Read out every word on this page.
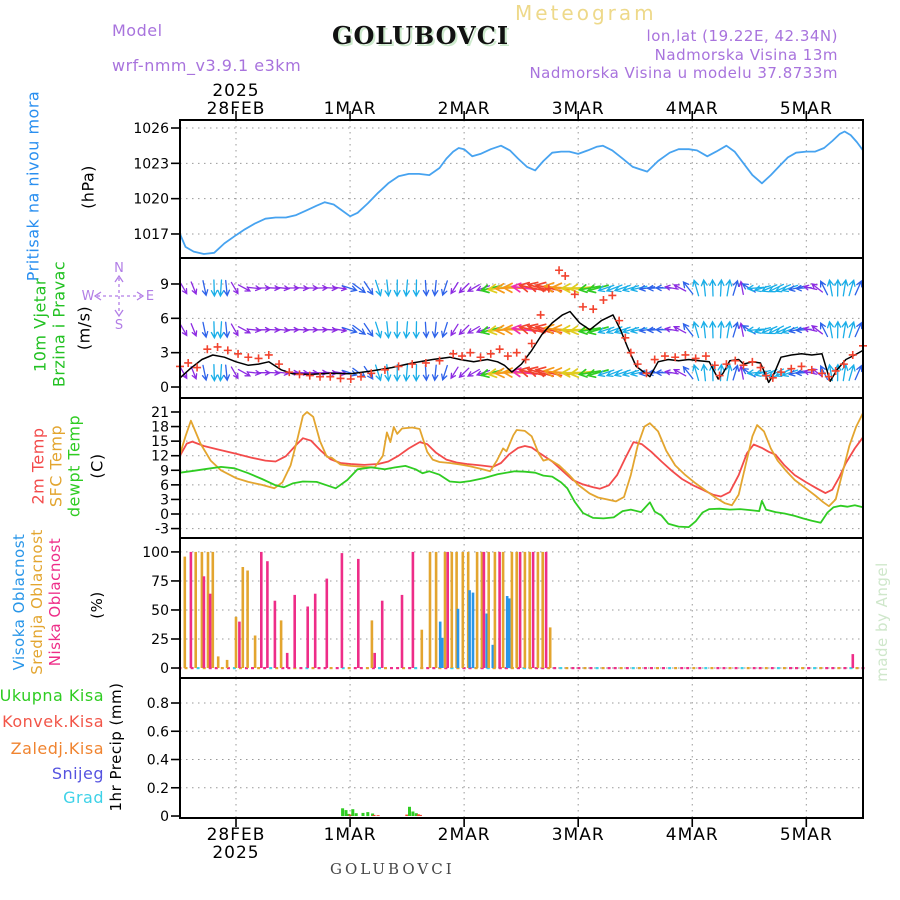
1017
1020
1023
1026
0
3
6
9
-3
0
3
6
9
12
15
18
21
0
25
50
75
100
0
0.2
0.4
0.6
0.8
28FEB
28FEB
2025
2025
1MAR
1MAR
2MAR
2MAR
3MAR
3MAR
4MAR
4MAR
5MAR
5MAR
N
S
W	E
Meteogram
Model
wrf-nmm_v3.9.1 e3km
GOLUBOVCI	lon,lat (19.22E, 42.34N)
Nadmorska Visina 13m
Nadmorska Visina u modelu 37.8733m
Pritisak na nivou mora (hPa)
10m Vjetar Brzina i Pravac (m/s)
2m Temp SFC Temp dewpt Temp (C)
Visoka Oblacnost Srednja Oblacnost Niska Oblacnost (%)
Ukupna Kisa
Konvek.Kisa
Zaledj.Kisa
Snijeg
Grad 1hr Precip (mm)
made by Angel
GOLUBOVCI
